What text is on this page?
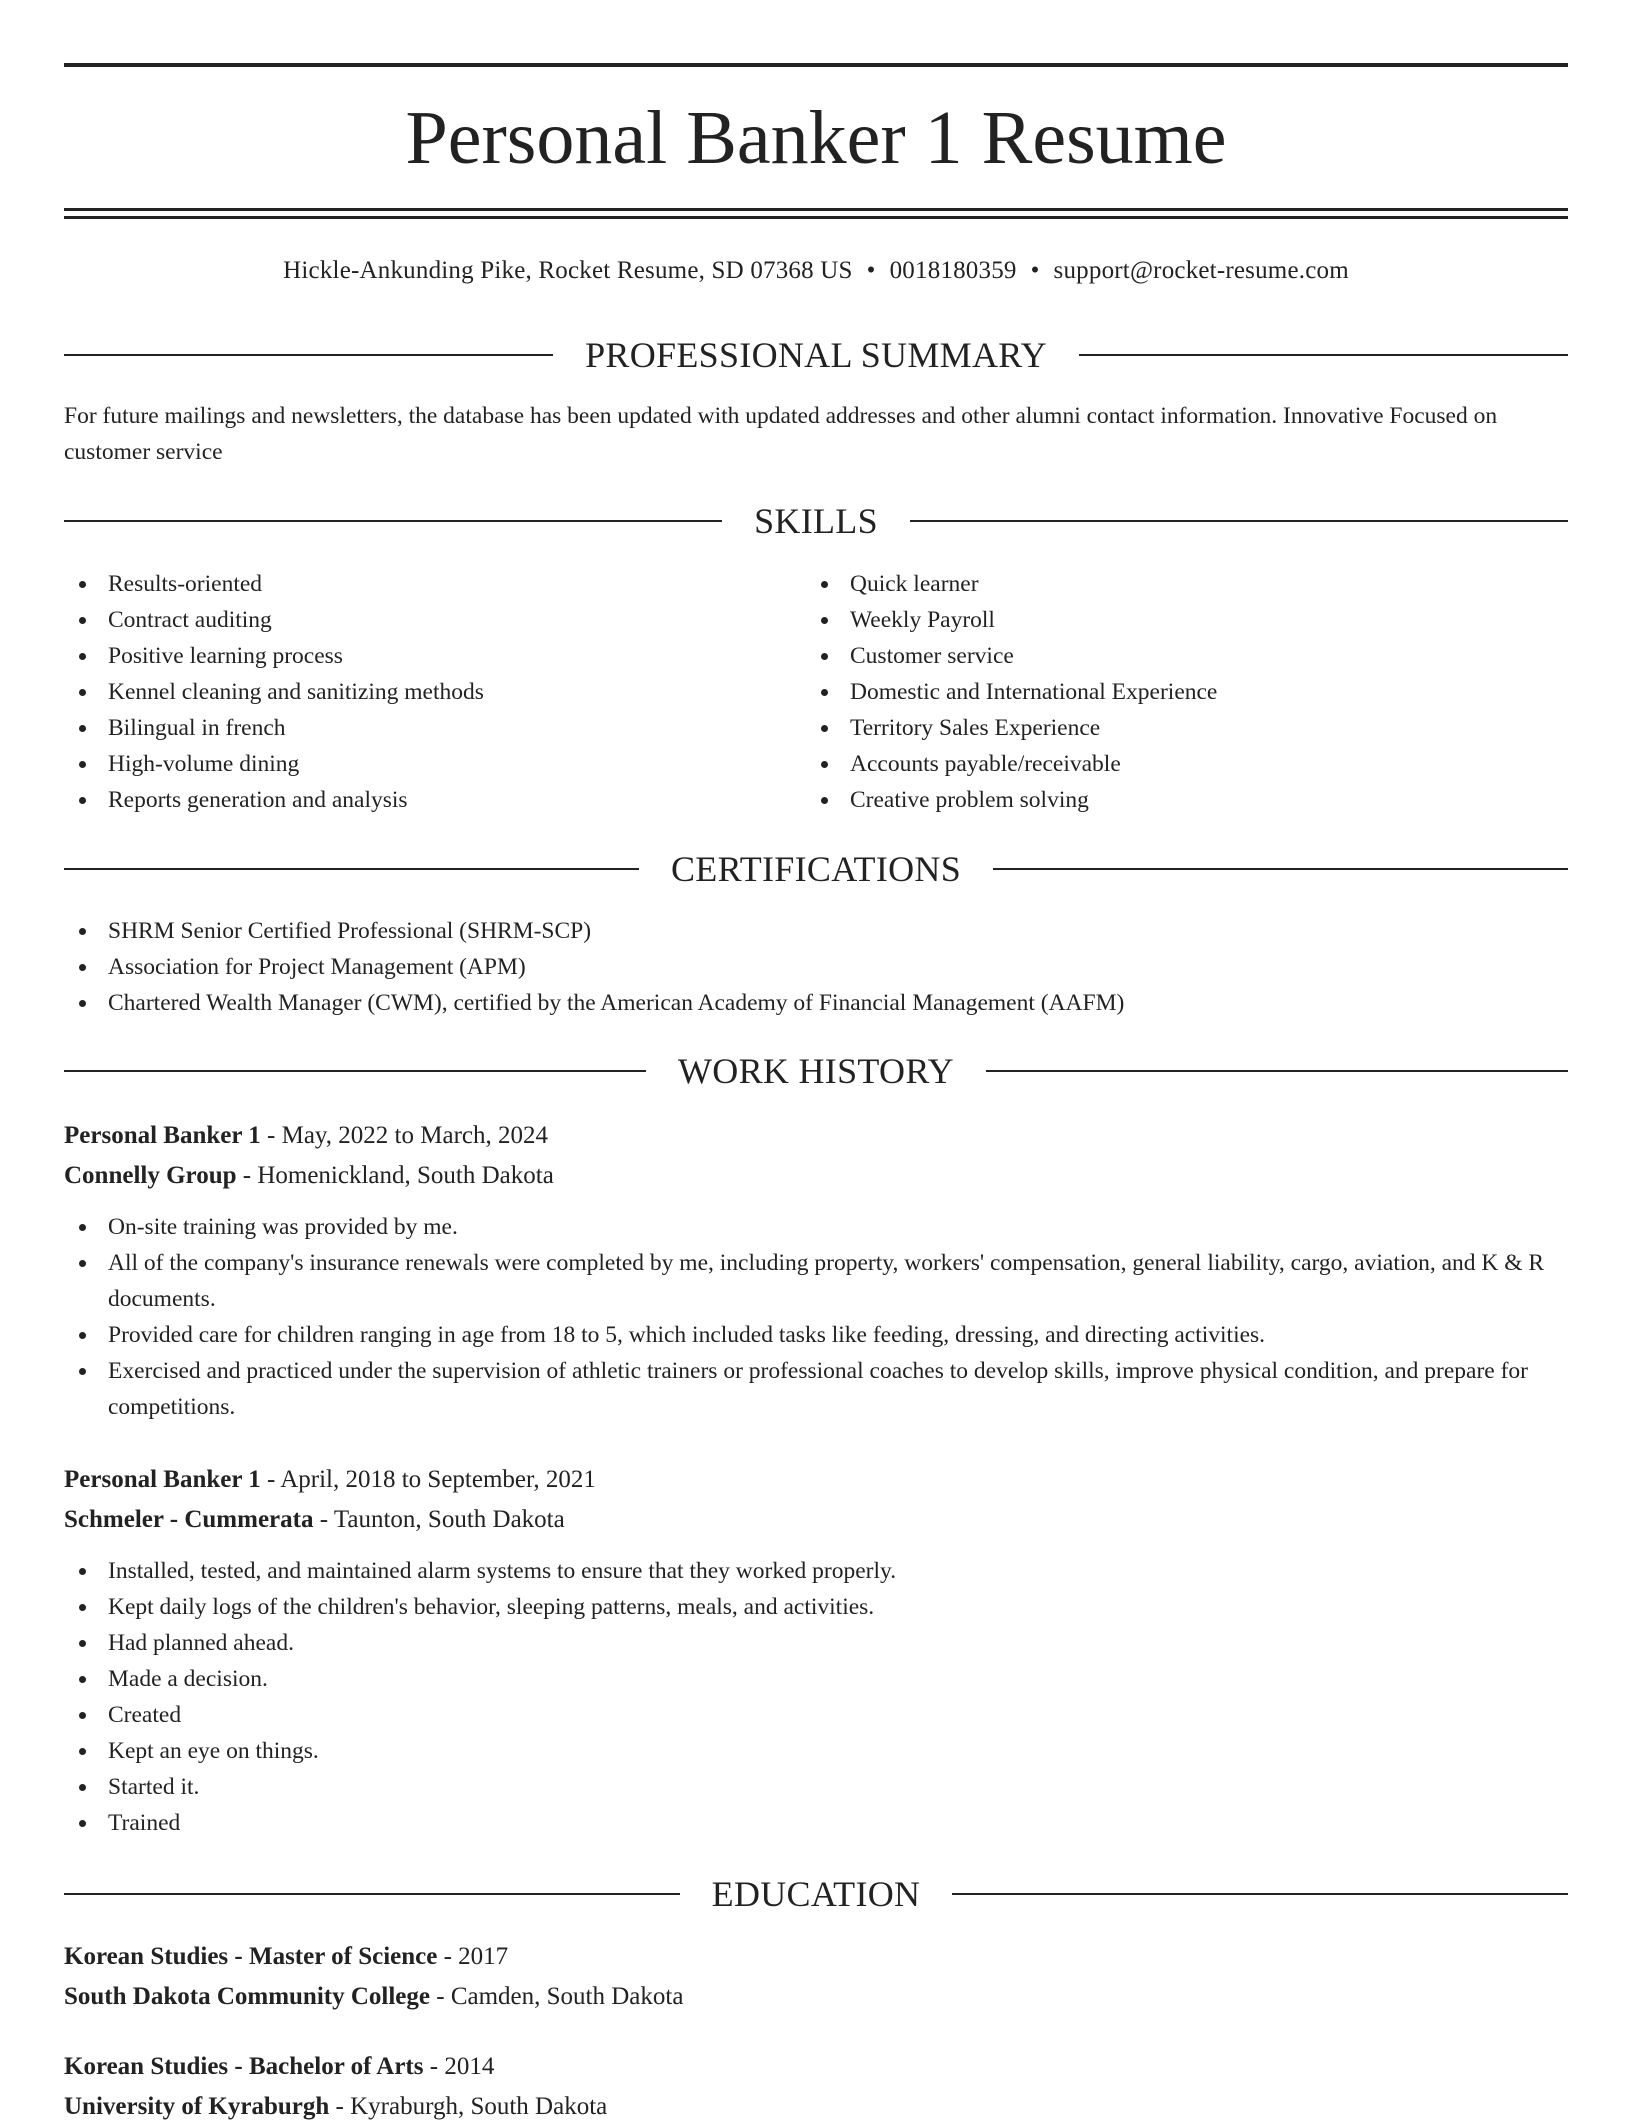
Personal Banker 1 Resume
Hickle-Ankunding Pike, Rocket Resume, SD 07368 US • 0018180359 • support@rocket-resume.com
PROFESSIONAL SUMMARY
For future mailings and newsletters, the database has been updated with updated addresses and other alumni contact information. Innovative Focused on customer service
SKILLS
Results-oriented
Contract auditing
Positive learning process
Kennel cleaning and sanitizing methods
Bilingual in french
High-volume dining
Reports generation and analysis
Quick learner
Weekly Payroll
Customer service
Domestic and International Experience
Territory Sales Experience
Accounts payable/receivable
Creative problem solving
CERTIFICATIONS
SHRM Senior Certified Professional (SHRM-SCP)
Association for Project Management (APM)
Chartered Wealth Manager (CWM), certified by the American Academy of Financial Management (AAFM)
WORK HISTORY
Personal Banker 1 - May, 2022 to March, 2024
Connelly Group - Homenickland, South Dakota
On-site training was provided by me.
All of the company's insurance renewals were completed by me, including property, workers' compensation, general liability, cargo, aviation, and K & R documents.
Provided care for children ranging in age from 18 to 5, which included tasks like feeding, dressing, and directing activities.
Exercised and practiced under the supervision of athletic trainers or professional coaches to develop skills, improve physical condition, and prepare for competitions.
Personal Banker 1 - April, 2018 to September, 2021
Schmeler - Cummerata - Taunton, South Dakota
Installed, tested, and maintained alarm systems to ensure that they worked properly.
Kept daily logs of the children's behavior, sleeping patterns, meals, and activities.
Had planned ahead.
Made a decision.
Created
Kept an eye on things.
Started it.
Trained
EDUCATION
Korean Studies - Master of Science - 2017
South Dakota Community College - Camden, South Dakota
Korean Studies - Bachelor of Arts - 2014
University of Kyraburgh - Kyraburgh, South Dakota
